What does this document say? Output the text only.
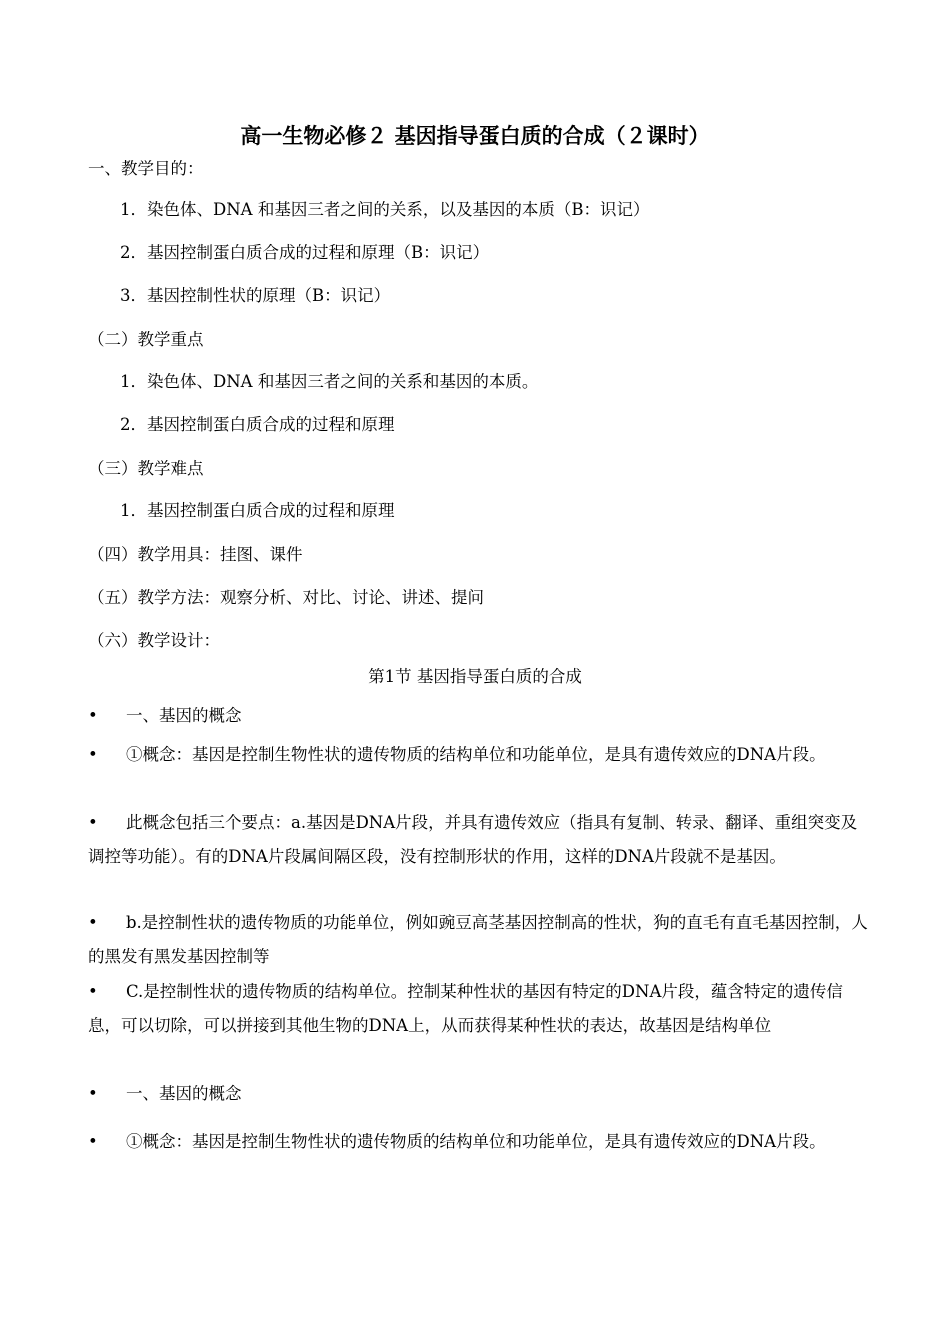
高一生物必修２ 基因指导蛋白质的合成（２课时）
一、教学目的：
1．染色体、DNA 和基因三者之间的关系，以及基因的本质（B：识记）
2．基因控制蛋白质合成的过程和原理（B：识记）
3．基因控制性状的原理（B：识记）
（二）教学重点
1．染色体、DNA 和基因三者之间的关系和基因的本质。
2．基因控制蛋白质合成的过程和原理
（三）教学难点
1．基因控制蛋白质合成的过程和原理
（四）教学用具：挂图、课件
（五）教学方法：观察分析、对比、讨论、讲述、提问
（六）教学设计：
第1节 基因指导蛋白质的合成
• 一、基因的概念
• ①概念：基因是控制生物性状的遗传物质的结构单位和功能单位，是具有遗传效应的DNA片段。
• 此概念包括三个要点：a.基因是DNA片段，并具有遗传效应（指具有复制、转录、翻译、重组突变及调控等功能）。有的DNA片段属间隔区段，没有控制形状的作用，这样的DNA片段就不是基因。
• b.是控制性状的遗传物质的功能单位，例如豌豆高茎基因控制高的性状，狗的直毛有直毛基因控制，人的黑发有黑发基因控制等
• C.是控制性状的遗传物质的结构单位。控制某种性状的基因有特定的DNA片段，蕴含特定的遗传信息，可以切除，可以拼接到其他生物的DNA上，从而获得某种性状的表达，故基因是结构单位
• 一、基因的概念
• ①概念：基因是控制生物性状的遗传物质的结构单位和功能单位，是具有遗传效应的DNA片段。
